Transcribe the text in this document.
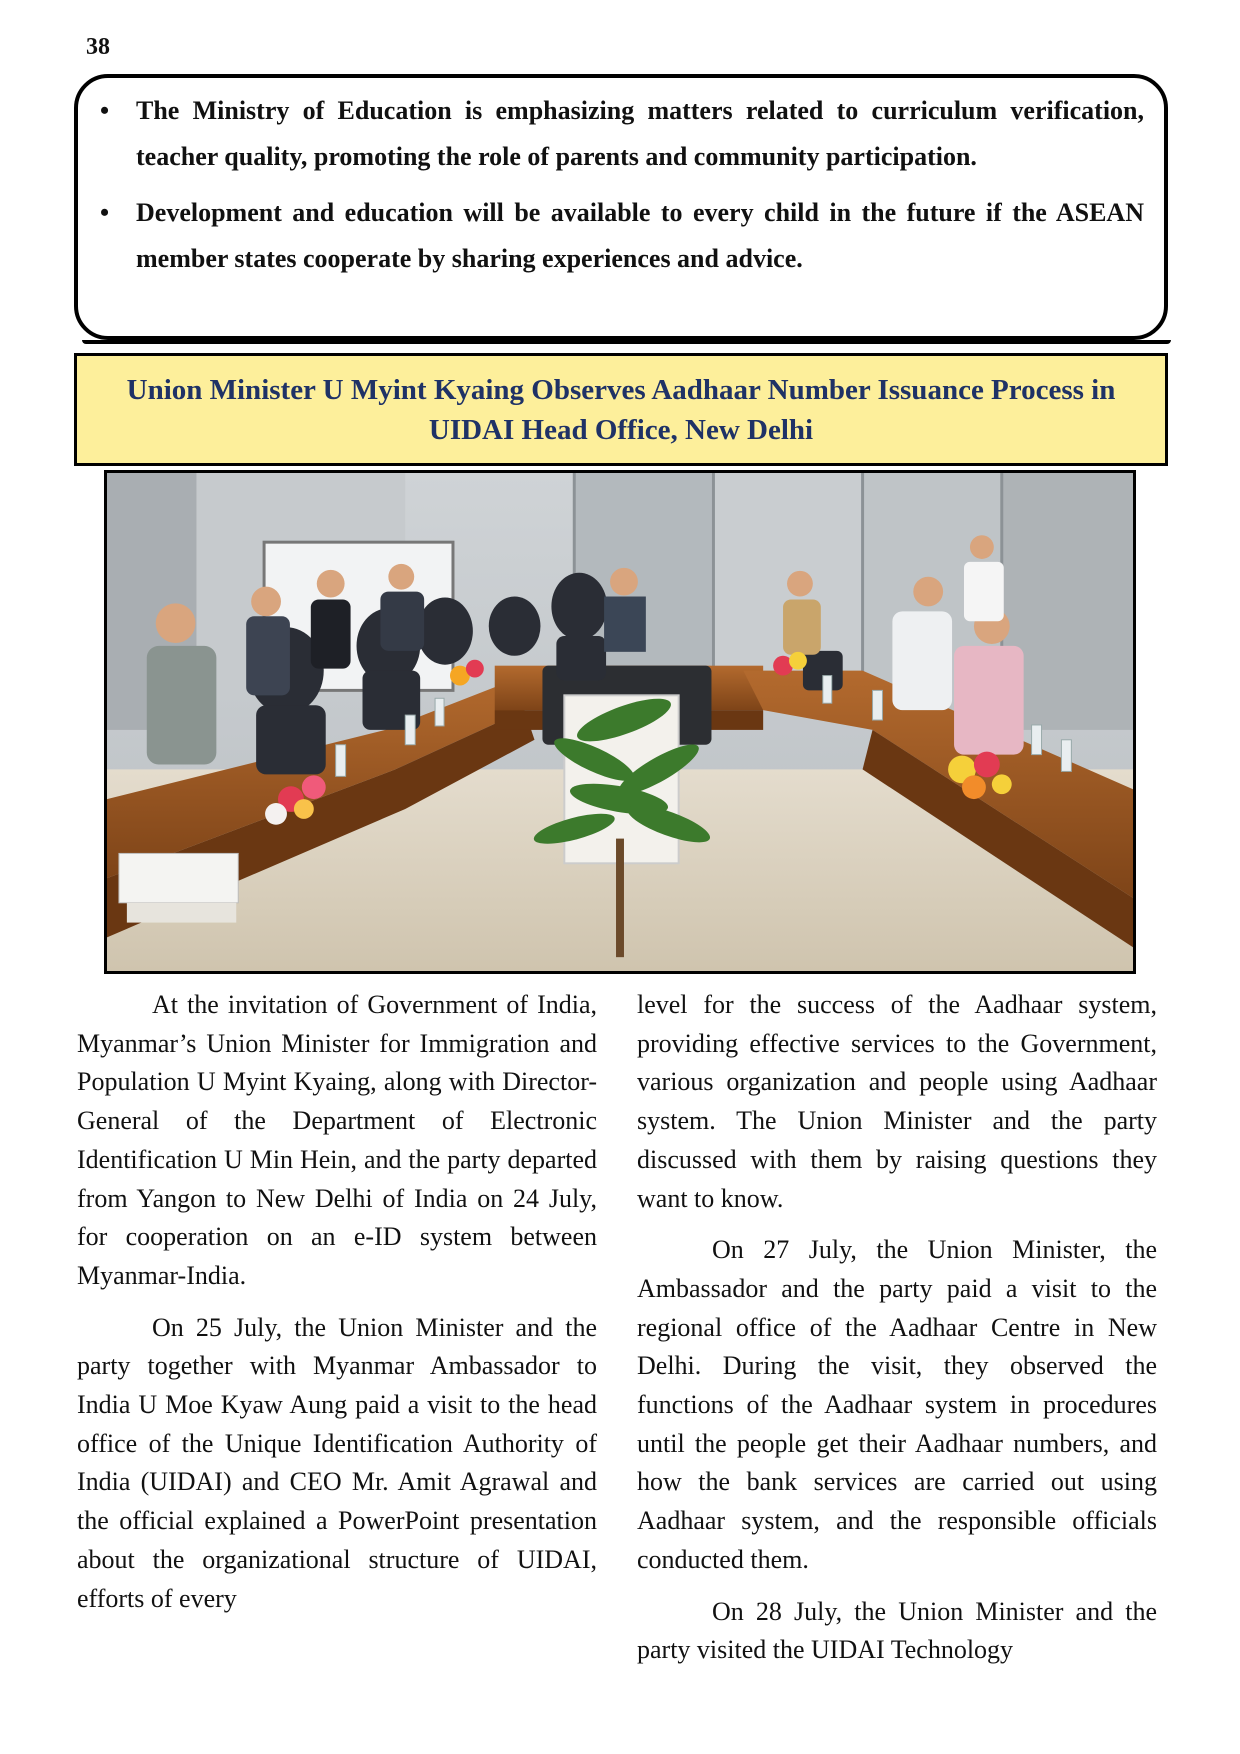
38
• The Ministry of Education is emphasizing matters related to curriculum verification, teacher quality, promoting the role of parents and community participation.
• Development and education will be available to every child in the future if the ASEAN member states cooperate by sharing experiences and advice.
Union Minister U Myint Kyaing Observes Aadhaar Number Issuance Process in
UIDAI Head Office, New Delhi

At the invitation of Government of India, Myanmar’s Union Minister for Immigration and Population U Myint Kyaing, along with Director-General of the Department of Electronic Identification U Min Hein, and the party departed from Yangon to New Delhi of India on 24 July, for cooperation on an e-ID system between Myanmar-India.

On 25 July, the Union Minister and the party together with Myanmar Ambassador to India U Moe Kyaw Aung paid a visit to the head office of the Unique Identification Authority of India (UIDAI) and CEO Mr. Amit Agrawal and the official explained a PowerPoint presentation about the organizational structure of UIDAI, efforts of every

level for the success of the Aadhaar system, providing effective services to the Government, various organization and people using Aadhaar system. The Union Minister and the party discussed with them by raising questions they want to know.

On 27 July, the Union Minister, the Ambassador and the party paid a visit to the regional office of the Aadhaar Centre in New Delhi. During the visit, they observed the functions of the Aadhaar system in procedures until the people get their Aadhaar numbers, and how the bank services are carried out using Aadhaar system, and the responsible officials conducted them.

On 28 July, the Union Minister and the party visited the UIDAI Technology
